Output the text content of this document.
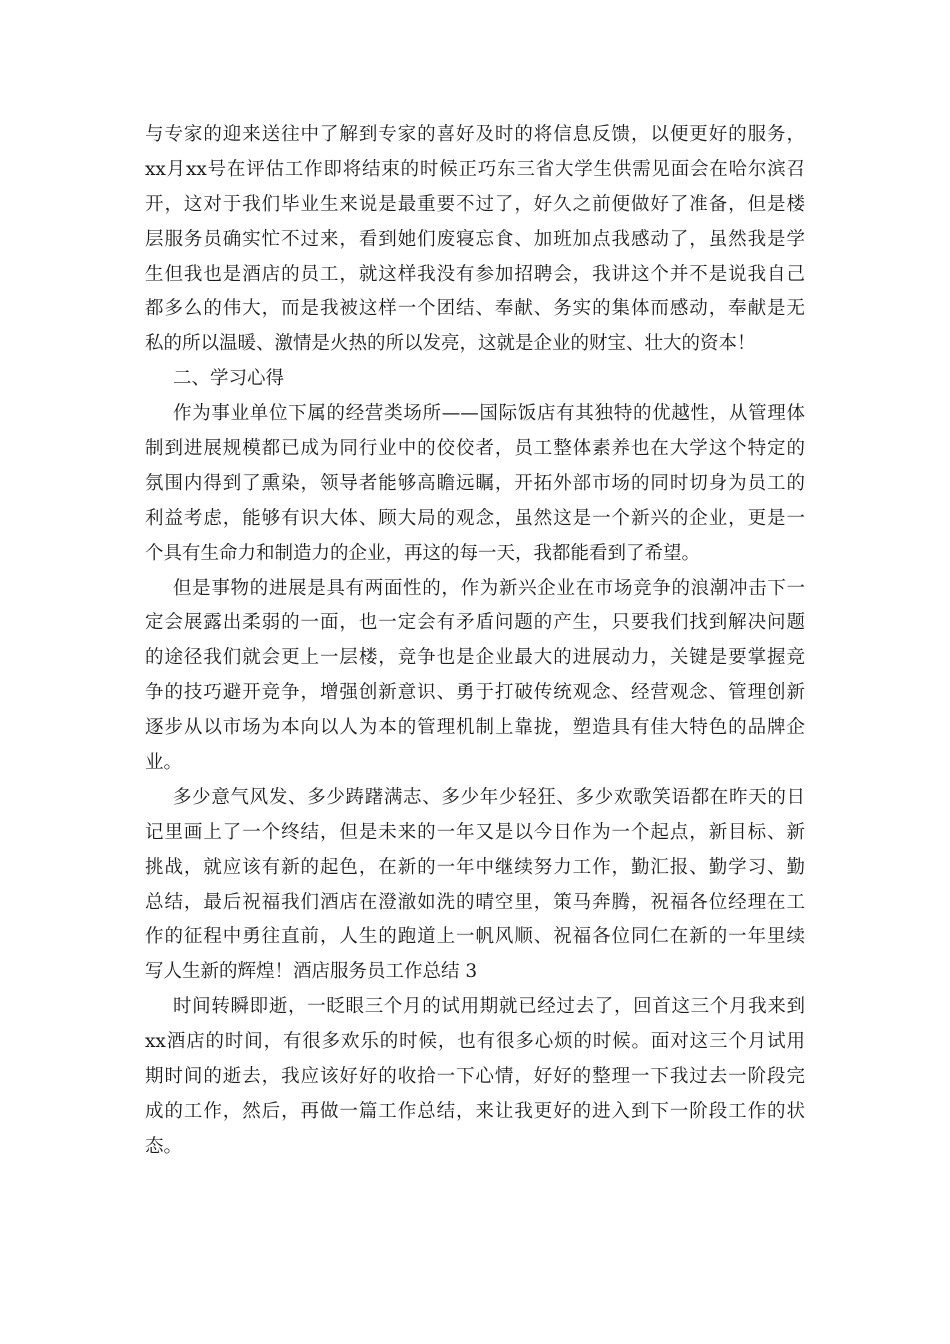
与专家的迎来送往中了解到专家的喜好及时的将信息反馈，以便更好的服务，
xx月xx号在评估工作即将结束的时候正巧东三省大学生供需见面会在哈尔滨召
开，这对于我们毕业生来说是最重要不过了，好久之前便做好了准备，但是楼
层服务员确实忙不过来，看到她们废寝忘食、加班加点我感动了，虽然我是学
生但我也是酒店的员工，就这样我没有参加招聘会，我讲这个并不是说我自己
都多么的伟大，而是我被这样一个团结、奉献、务实的集体而感动，奉献是无
私的所以温暖、激情是火热的所以发亮，这就是企业的财宝、壮大的资本！
二、学习心得
作为事业单位下属的经营类场所——国际饭店有其独特的优越性，从管理体
制到进展规模都已成为同行业中的佼佼者，员工整体素养也在大学这个特定的
氛围内得到了熏染，领导者能够高瞻远瞩，开拓外部市场的同时切身为员工的
利益考虑，能够有识大体、顾大局的观念，虽然这是一个新兴的企业，更是一
个具有生命力和制造力的企业，再这的每一天，我都能看到了希望。
但是事物的进展是具有两面性的，作为新兴企业在市场竞争的浪潮冲击下一
定会展露出柔弱的一面，也一定会有矛盾问题的产生，只要我们找到解决问题
的途径我们就会更上一层楼，竞争也是企业最大的进展动力，关键是要掌握竞
争的技巧避开竞争，增强创新意识、勇于打破传统观念、经营观念、管理创新
逐步从以市场为本向以人为本的管理机制上靠拢，塑造具有佳大特色的品牌企
业。
多少意气风发、多少踌躇满志、多少年少轻狂、多少欢歌笑语都在昨天的日
记里画上了一个终结，但是未来的一年又是以今日作为一个起点，新目标、新
挑战，就应该有新的起色，在新的一年中继续努力工作，勤汇报、勤学习、勤
总结，最后祝福我们酒店在澄澈如洗的晴空里，策马奔腾，祝福各位经理在工
作的征程中勇往直前，人生的跑道上一帆风顺、祝福各位同仁在新的一年里续
写人生新的辉煌！酒店服务员工作总结 3
时间转瞬即逝，一眨眼三个月的试用期就已经过去了，回首这三个月我来到
xx酒店的时间，有很多欢乐的时候，也有很多心烦的时候。面对这三个月试用
期时间的逝去，我应该好好的收拾一下心情，好好的整理一下我过去一阶段完
成的工作，然后，再做一篇工作总结，来让我更好的进入到下一阶段工作的状
态。
